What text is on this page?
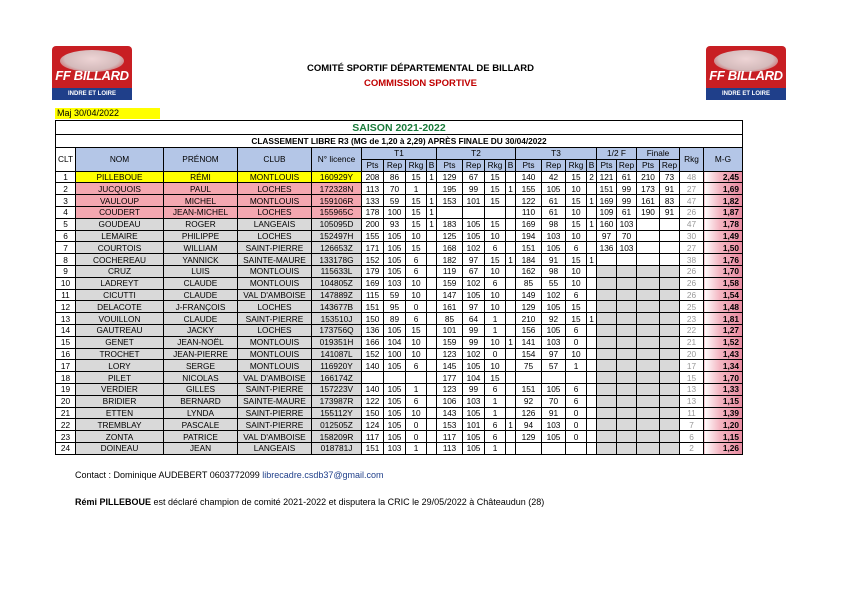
FF BILLARD
INDRE ET LOIRE
FF BILLARD
INDRE ET LOIRE
COMITÉ SPORTIF DÉPARTEMENTAL DE BILLARD
COMMISSION SPORTIVE
Maj 30/04/2022
SAISON 2021-2022																						
CLASSEMENT LIBRE R3 (MG de 1,20 à 2,29) APRÈS FINALE DU 30/04/2022																						
CLT	NOM	PRÉNOM	CLUB	N° licence	T1				T2				T3				1/2 F		Finale		Rkg	M-G
					Pts	Rep	Rkg	B	Pts	Rep	Rkg	B	Pts	Rep	Rkg	B	Pts	Rep	Pts	Rep		
1	PILLEBOUE	RÉMI	MONTLOUIS	160929Y	208	86	15	1	129	67	15		140	42	15	2	121	61	210	73	48	2,45
2	JUCQUOIS	PAUL	LOCHES	172328N	113	70	1		195	99	15	1	155	105	10		151	99	173	91	27	1,69
3	VAULOUP	MICHEL	MONTLOUIS	159106R	133	59	15	1	153	101	15		122	61	15	1	169	99	161	83	47	1,82
4	COUDERT	JEAN-MICHEL	LOCHES	155965C	178	100	15	1					110	61	10		109	61	190	91	26	1,87
5	GOUDEAU	ROGER	LANGEAIS	105095D	200	93	15	1	183	105	15		169	98	15	1	160	103			47	1,78
6	LEMAIRE	PHILIPPE	LOCHES	152497H	155	105	10		125	105	10		194	103	10		97	70			30	1,49
7	COURTOIS	WILLIAM	SAINT-PIERRE	126653Z	171	105	15		168	102	6		151	105	6		136	103			27	1,50
8	COCHEREAU	YANNICK	SAINTE-MAURE	133178G	152	105	6		182	97	15	1	184	91	15	1					38	1,76
9	CRUZ	LUIS	MONTLOUIS	115633L	179	105	6		119	67	10		162	98	10						26	1,70
10	LADREYT	CLAUDE	MONTLOUIS	104805Z	169	103	10		159	102	6		85	55	10						26	1,58
11	CICUTTI	CLAUDE	VAL D'AMBOISE	147889Z	115	59	10		147	105	10		149	102	6						26	1,54
12	DELACOTE	J-FRANÇOIS	LOCHES	143677B	151	95	0		161	97	10		129	105	15						25	1,48
13	VOUILLON	CLAUDE	SAINT-PIERRE	153510J	150	89	6		85	64	1		210	92	15	1					23	1,81
14	GAUTREAU	JACKY	LOCHES	173756Q	136	105	15		101	99	1		156	105	6						22	1,27
15	GENET	JEAN-NOËL	MONTLOUIS	019351H	166	104	10		159	99	10	1	141	103	0						21	1,52
16	TROCHET	JEAN-PIERRE	MONTLOUIS	141087L	152	100	10		123	102	0		154	97	10						20	1,43
17	LORY	SERGE	MONTLOUIS	116920Y	140	105	6		145	105	10		75	57	1						17	1,34
18	PILET	NICOLAS	VAL D'AMBOISE	166174Z					177	104	15										15	1,70
19	VERDIER	GILLES	SAINT-PIERRE	157223V	140	105	1		123	99	6		151	105	6						13	1,33
20	BRIDIER	BERNARD	SAINTE-MAURE	173987R	122	105	6		106	103	1		92	70	6						13	1,15
21	ETTEN	LYNDA	SAINT-PIERRE	155112Y	150	105	10		143	105	1		126	91	0						11	1,39
22	TREMBLAY	PASCALE	SAINT-PIERRE	012505Z	124	105	0		153	101	6	1	94	103	0						7	1,20
23	ZONTA	PATRICE	VAL D'AMBOISE	158209R	117	105	0		117	105	6		129	105	0						6	1,15
24	DOINEAU	JEAN	LANGEAIS	018781J	151	103	1		113	105	1										2	1,26
Contact : Dominique AUDEBERT 0603772099 librecadre.csdb37@gmail.com
Rémi PILLEBOUE est déclaré champion de comité 2021-2022 et disputera la CRIC le 29/05/2022 à Châteaudun (28)
